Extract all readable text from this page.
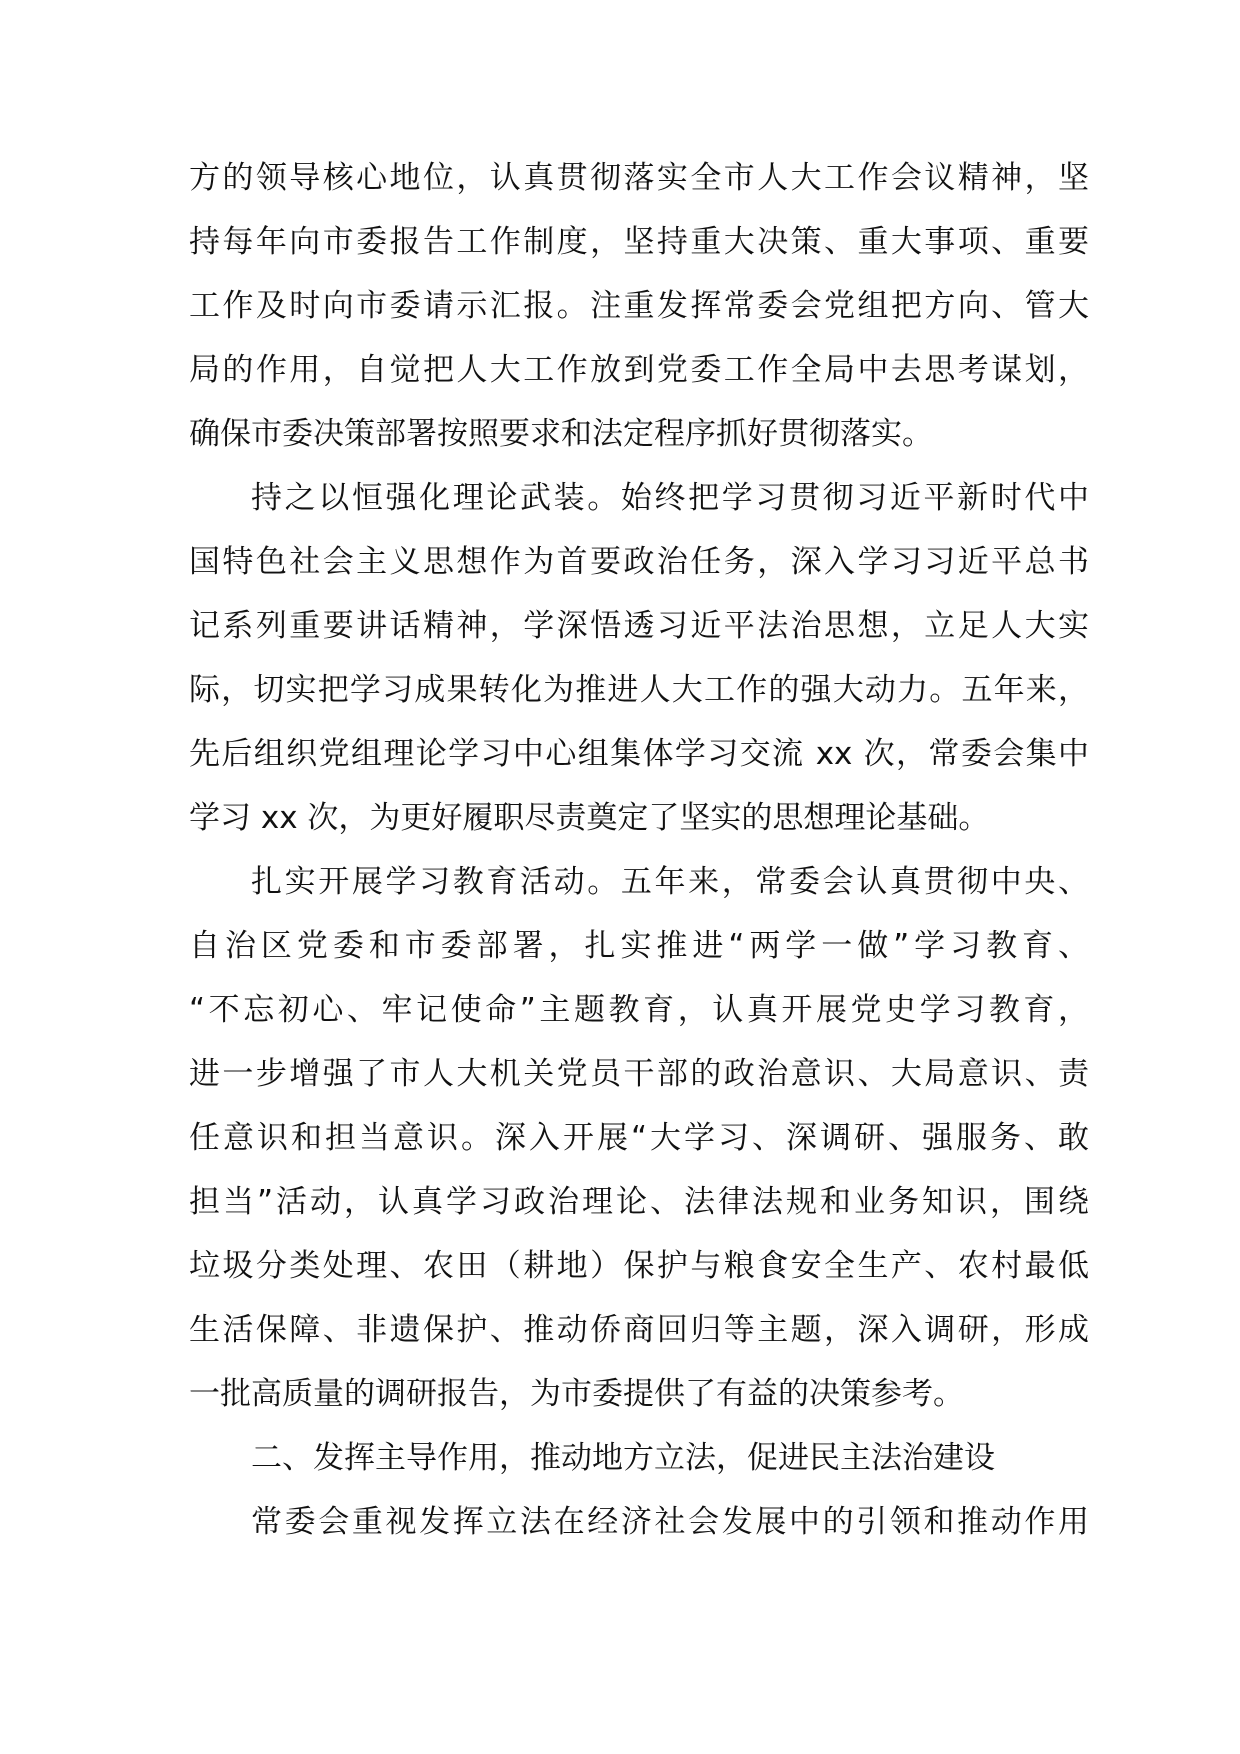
方的领导核心地位，认真贯彻落实全市人大工作会议精神，坚
持每年向市委报告工作制度，坚持重大决策、重大事项、重要
工作及时向市委请示汇报。注重发挥常委会党组把方向、管大
局的作用，自觉把人大工作放到党委工作全局中去思考谋划，
确保市委决策部署按照要求和法定程序抓好贯彻落实。
持之以恒强化理论武装。始终把学习贯彻习近平新时代中
国特色社会主义思想作为首要政治任务，深入学习习近平总书
记系列重要讲话精神，学深悟透习近平法治思想，立足人大实
际，切实把学习成果转化为推进人大工作的强大动力。五年来，
先后组织党组理论学习中心组集体学习交流 xx 次，常委会集中
学习 xx 次，为更好履职尽责奠定了坚实的思想理论基础。
扎实开展学习教育活动。五年来，常委会认真贯彻中央、
自治区党委和市委部署，扎实推进“两学一做”学习教育、
“不忘初心、牢记使命”主题教育，认真开展党史学习教育，
进一步增强了市人大机关党员干部的政治意识、大局意识、责
任意识和担当意识。深入开展“大学习、深调研、强服务、敢
担当”活动，认真学习政治理论、法律法规和业务知识，围绕
垃圾分类处理、农田（耕地）保护与粮食安全生产、农村最低
生活保障、非遗保护、推动侨商回归等主题，深入调研，形成
一批高质量的调研报告，为市委提供了有益的决策参考。
二、发挥主导作用，推动地方立法，促进民主法治建设
常委会重视发挥立法在经济社会发展中的引领和推动作用
